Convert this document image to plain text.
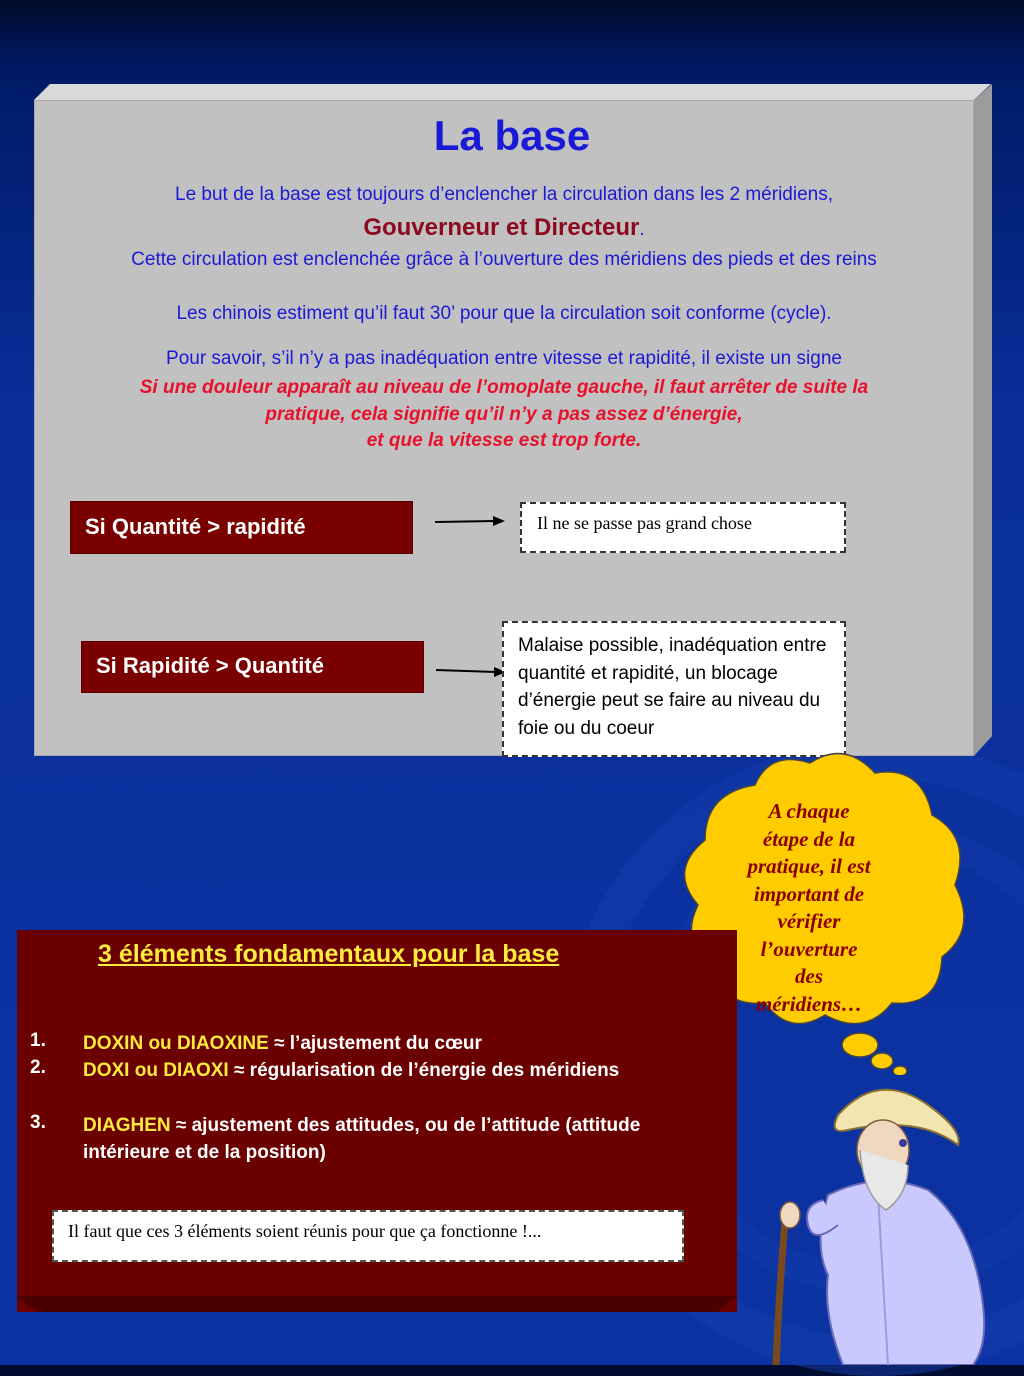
La base
Le but de la base est toujours d’enclencher la circulation dans les 2 méridiens,
Gouverneur et Directeur.
Cette circulation est enclenchée grâce à l’ouverture des méridiens des pieds et des reins
Les chinois estiment qu’il faut 30’ pour que la circulation soit conforme (cycle).
Pour savoir, s’il n’y a pas inadéquation entre vitesse et rapidité, il existe un signe
Si une douleur apparaît au niveau de l’omoplate gauche, il faut arrêter de suite la
pratique, cela signifie qu’il n’y a pas assez d’énergie,
et que la vitesse est trop forte.
Si Quantité > rapidité	Il ne se passe pas grand chose
Si Rapidité > Quantité
Malaise possible, inadéquation entre quantité et rapidité, un blocage d’énergie peut se faire au niveau du foie ou du coeur
A chaque
étape de la
pratique, il est
important de
vérifier
l’ouverture
des
méridiens…
3 éléments fondamentaux pour la base
1. DOXIN ou DIAOXINE ≈ l’ajustement du cœur
2. DOXI ou DIAOXI ≈ régularisation de l’énergie des méridiens
3. DIAGHEN ≈ ajustement des attitudes, ou de l’attitude (attitude intérieure et de la position)
Il faut que ces 3 éléments soient réunis pour que ça fonctionne !...
